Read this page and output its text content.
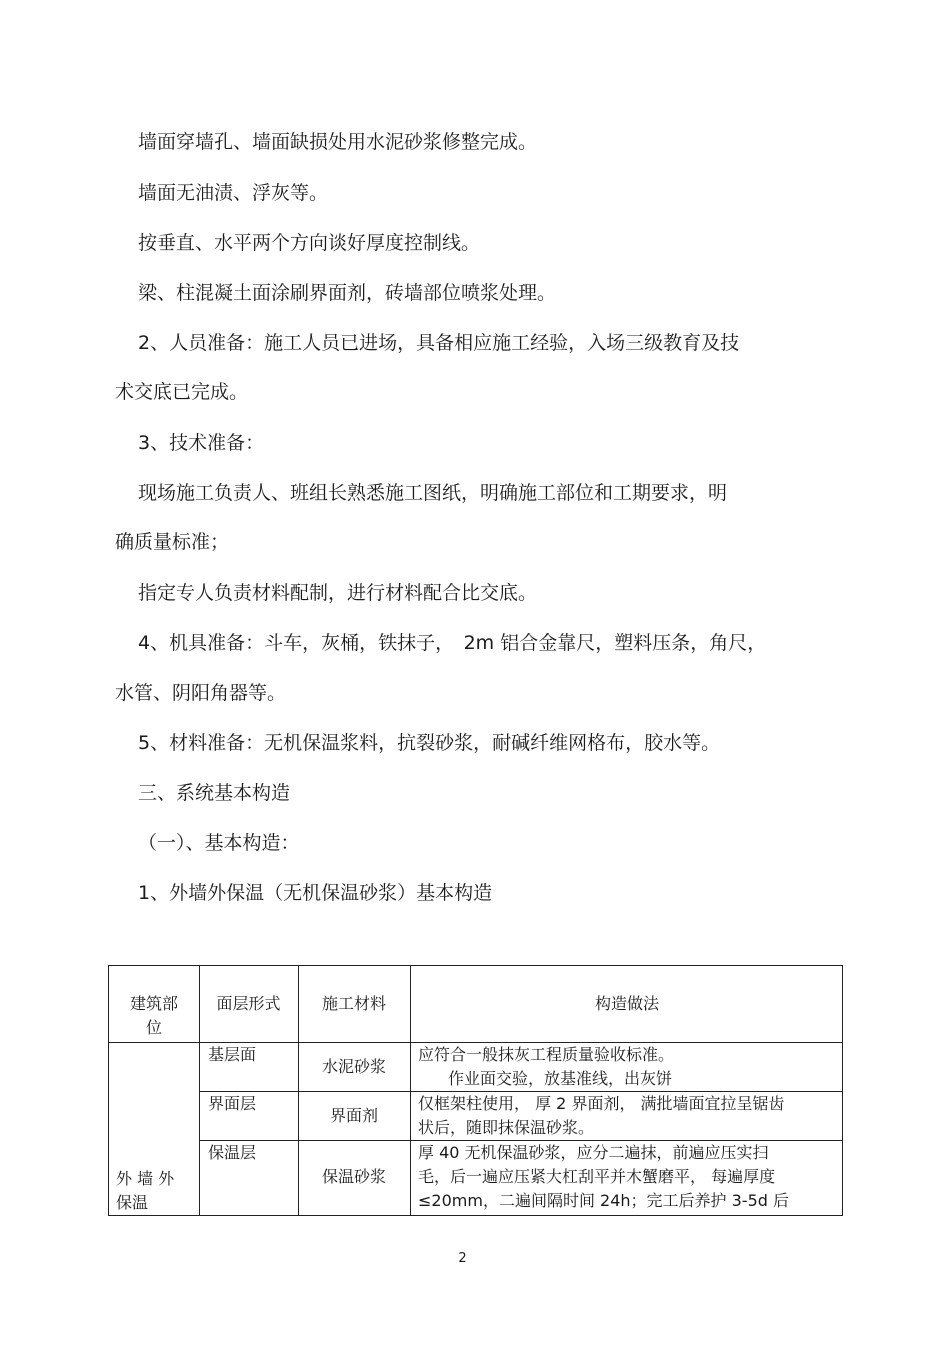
墙面穿墙孔、墙面缺损处用水泥砂浆修整完成。
墙面无油渍、浮灰等。
按垂直、水平两个方向谈好厚度控制线。
梁、柱混凝土面涂刷界面剂，砖墙部位喷浆处理。
2、人员准备：施工人员已进场，具备相应施工经验，入场三级教育及技
术交底已完成。
3、技术准备：
现场施工负责人、班组长熟悉施工图纸，明确施工部位和工期要求，明
确质量标准；
指定专人负责材料配制，进行材料配合比交底。
4、机具准备：斗车，灰桶，铁抹子，　2m 铝合金靠尺，塑料压条，角尺，
水管、阴阳角器等。
5、材料准备：无机保温浆料，抗裂砂浆，耐碱纤维网格布，胶水等。
三、系统基本构造
（一）、基本构造：
1、外墙外保温（无机保温砂浆）基本构造
建筑部
位
面层形式	施工材料	构造做法
外 墙 外
保温
基层面
水泥砂浆
应符合一般抹灰工程质量验收标准。
作业面交验，放基准线，出灰饼
界面层
界面剂
仅框架柱使用， 厚 2 界面剂， 满批墙面宜拉呈锯齿
状后，随即抹保温砂浆。
保温层
保温砂浆
厚 40 无机保温砂浆，应分二遍抹，前遍应压实扫
毛，后一遍应压紧大杠刮平并木蟹磨平， 每遍厚度
≤20mm，二遍间隔时间 24h；完工后养护 3-5d 后
2
